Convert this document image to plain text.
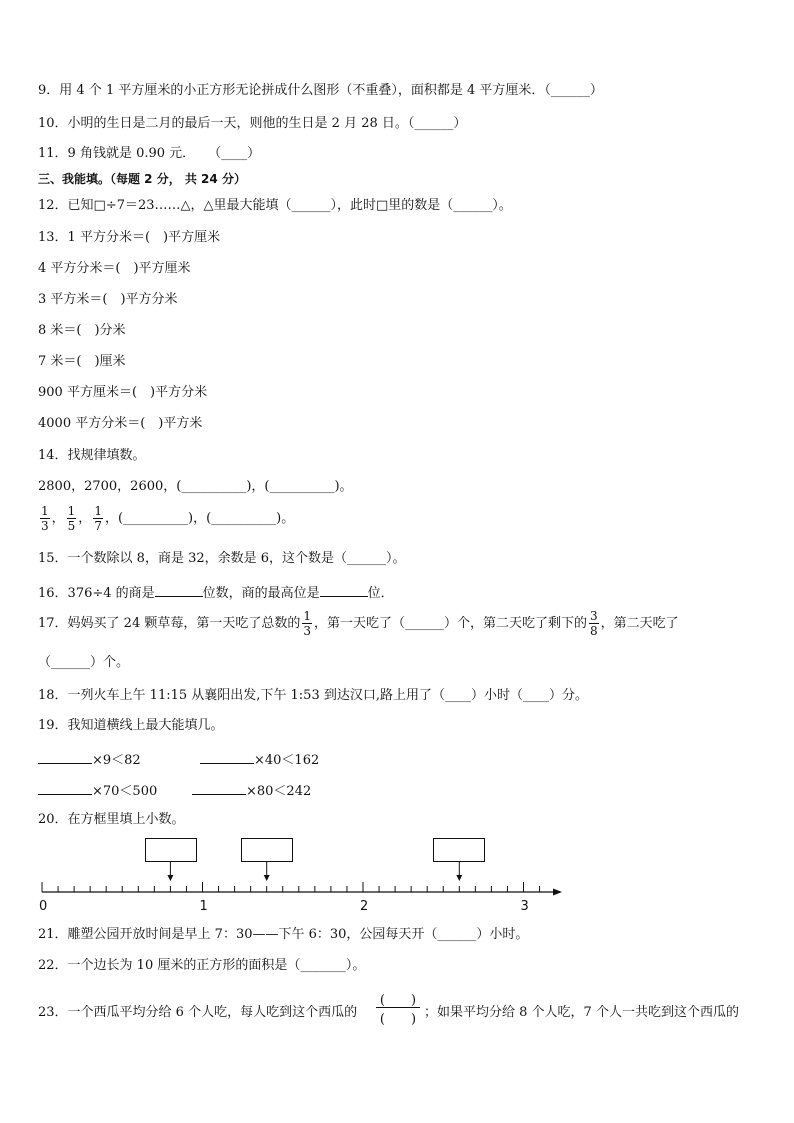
9．用 4 个 1 平方厘米的小正方形无论拼成什么图形（不重叠），面积都是 4 平方厘米．（______）
10．小明的生日是二月的最后一天，则他的生日是 2 月 28 日。（______）
11．9 角钱就是 0.90 元．　　（____）
三、我能填。（每题 2 分， 共 24 分）
12．已知□÷7＝23……△，△里最大能填（______），此时□里的数是（______）。
13．1 平方分米＝(　)平方厘米
4 平方分米＝(　)平方厘米
3 平方米＝(　)平方分米
8 米＝(　)分米
7 米＝(　)厘米
900 平方厘米＝(　)平方分米
4000 平方分米＝(　)平方米
14．找规律填数。
2800，2700，2600，(__________)，(__________)。
$\frac{1}{3}$ ， $\frac{1}{5}$ ， $\frac{1}{7}$ ，(__________)，(__________)。
15．一个数除以 8，商是 32，余数是 6，这个数是（______）。
16．376÷4 的商是	位数，商的最高位是	位．
17．妈妈买了 24 颗草莓，第一天吃了总数的 $\frac{1}{3}$ ，第一天吃了（______）个，第二天吃了剩下的 $\frac{3}{8}$ ，第二天吃了
（______）个。
18．一列火车上午 11:15 从襄阳出发,下午 1:53 到达汉口,路上用了（____）小时（____）分。
19．我知道横线上最大能填几。
×9＜82	×40＜162
×70＜500	×80＜242
20．在方框里填上小数。
0	1	2	3
21．雕塑公园开放时间是早上 7：30——下午 6：30，公园每天开（______）小时。
22．一个边长为 10 厘米的正方形的面积是（_______）。
23．一个西瓜平均分给 6 个人吃，每人吃到这个西瓜的
(　　)
(　　) ；如果平均分给 8 个人吃，7 个人一共吃到这个西瓜的
